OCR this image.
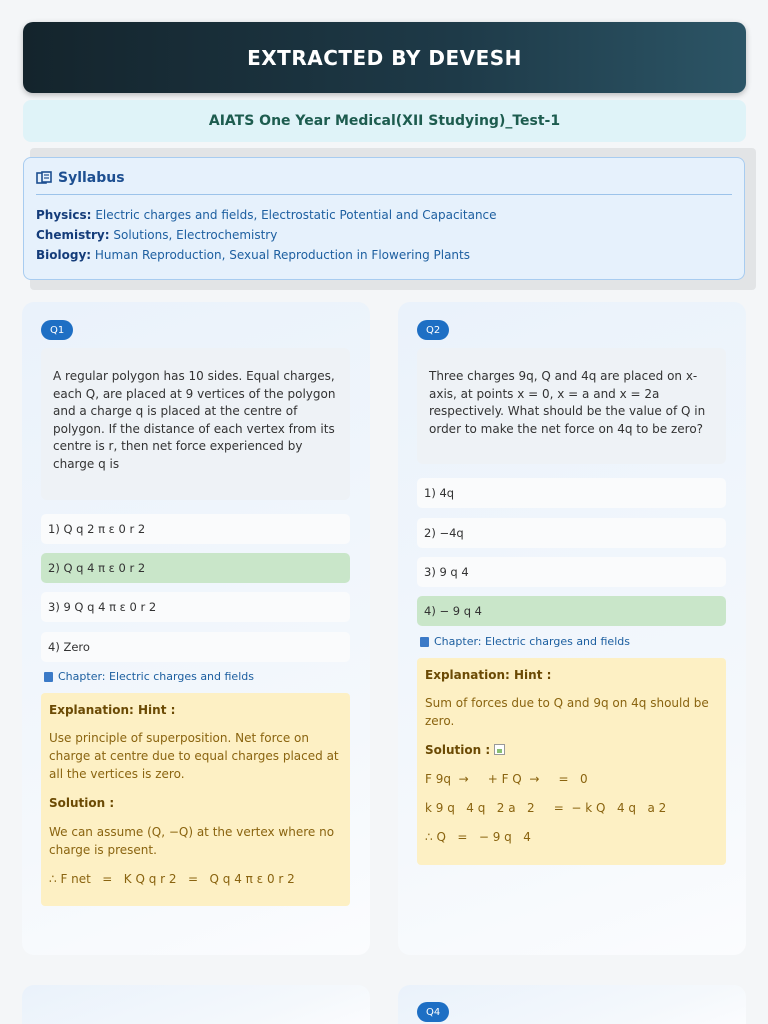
EXTRACTED BY DEVESH
AIATS One Year Medical(XII Studying)_Test-1
Syllabus
Physics: Electric charges and fields, Electrostatic Potential and Capacitance
Chemistry: Solutions, Electrochemistry
Biology: Human Reproduction, Sexual Reproduction in Flowering Plants
Q1
A regular polygon has 10 sides. Equal charges, each Q, are placed at 9 vertices of the polygon and a charge q is placed at the centre of polygon. If the distance of each vertex from its centre is r, then net force experienced by charge q is
1) Q q 2 π ε 0 r 2
2) Q q 4 π ε 0 r 2
3) 9 Q q 4 π ε 0 r 2
4) Zero
Chapter: Electric charges and fields
Explanation: Hint :
Use principle of superposition. Net force on charge at centre due to equal charges placed at all the vertices is zero.
Solution :
We can assume (Q, −Q) at the vertex where no charge is present.
∴ F net   =   K Q q r 2   =   Q q 4 π ε 0 r 2
Q2
Three charges 9q, Q and 4q are placed on x-axis, at points x = 0, x = a and x = 2a respectively. What should be the value of Q in order to make the net force on 4q to be zero?
1) 4q
2) −4q
3) 9 q 4
4) − 9 q 4
Chapter: Electric charges and fields
Explanation: Hint :
Sum of forces due to Q and 9q on 4q should be zero.
Solution :
F 9q  →     + F Q  →     =   0
k 9 q   4 q   2 a   2     =  − k Q   4 q   a 2
∴ Q   =   − 9 q   4
Q4
